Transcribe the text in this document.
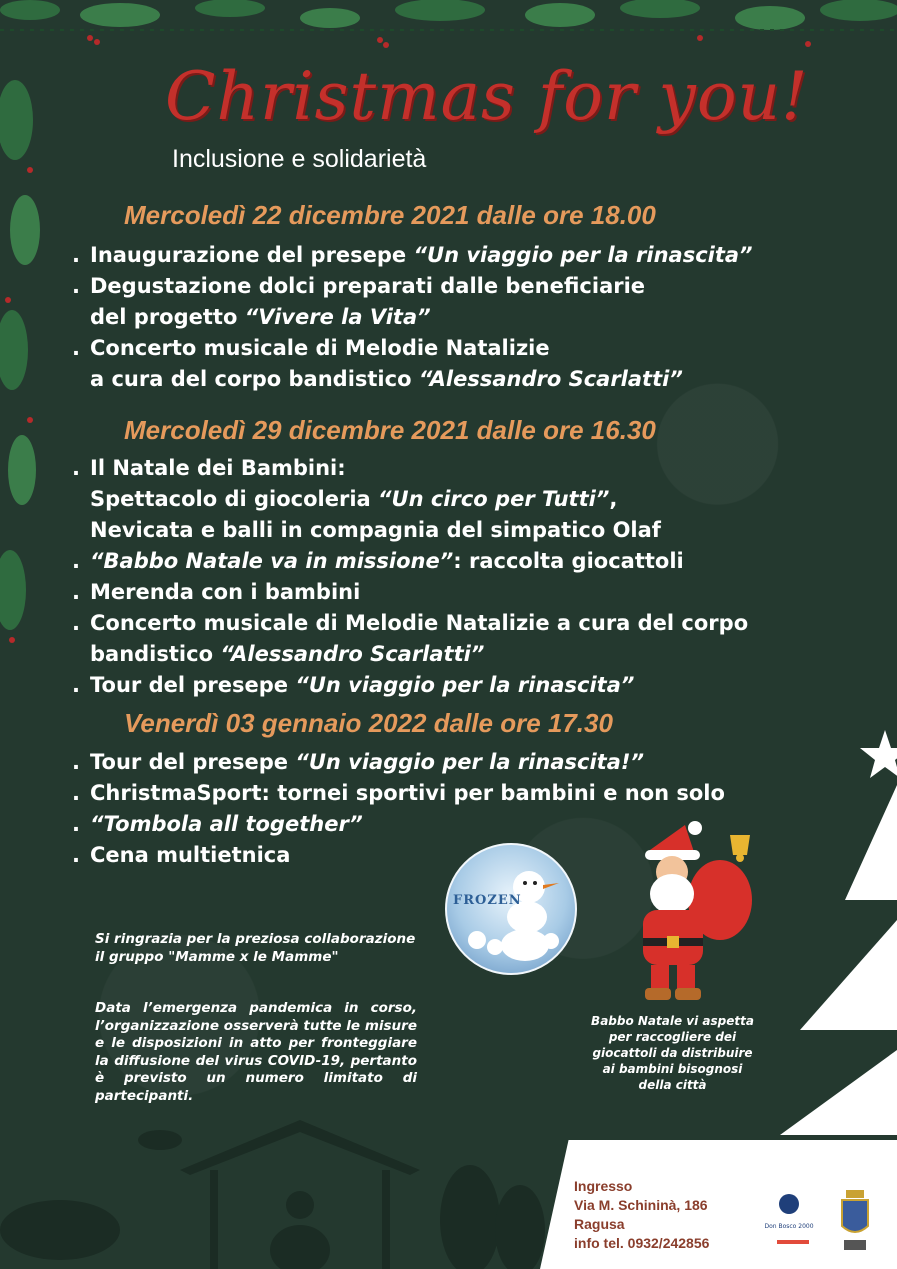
Christmas for you!
Inclusione e solidarietà
Mercoledì 22 dicembre 2021 dalle ore 18.00
. Inaugurazione del presepe “Un viaggio per la rinascita”
. Degustazione dolci preparati dalle beneficiarie
del progetto “Vivere la Vita”
. Concerto musicale di Melodie Natalizie
a cura del corpo bandistico “Alessandro Scarlatti”
Mercoledì 29 dicembre 2021 dalle ore 16.30
. Il Natale dei Bambini:
Spettacolo di giocoleria “Un circo per Tutti”,
Nevicata e balli in compagnia del simpatico Olaf
. “Babbo Natale va in missione”: raccolta giocattoli
. Merenda con i bambini
. Concerto musicale di Melodie Natalizie a cura del corpo
bandistico “Alessandro Scarlatti”
. Tour del presepe “Un viaggio per la rinascita”
Venerdì 03 gennaio 2022 dalle ore 17.30
. Tour del presepe “Un viaggio per la rinascita!”
. ChristmaSport: tornei sportivi per bambini e non solo
. “Tombola all together”
. Cena multietnica
FROZEN
Si ringrazia per la preziosa collaborazione il gruppo "Mamme x le Mamme"
Data l’emergenza pandemica in corso, l’organizzazione osserverà tutte le misure e le disposizioni in atto per fronteggiare la diffusione del virus COVID-19, pertanto è previsto un numero limitato di partecipanti.
Babbo Natale vi aspetta per raccogliere dei giocattoli da distribuire ai bambini bisognosi della città
Ingresso
Via M. Schininà, 186
Ragusa
info tel. 0932/242856
Don Bosco 2000
